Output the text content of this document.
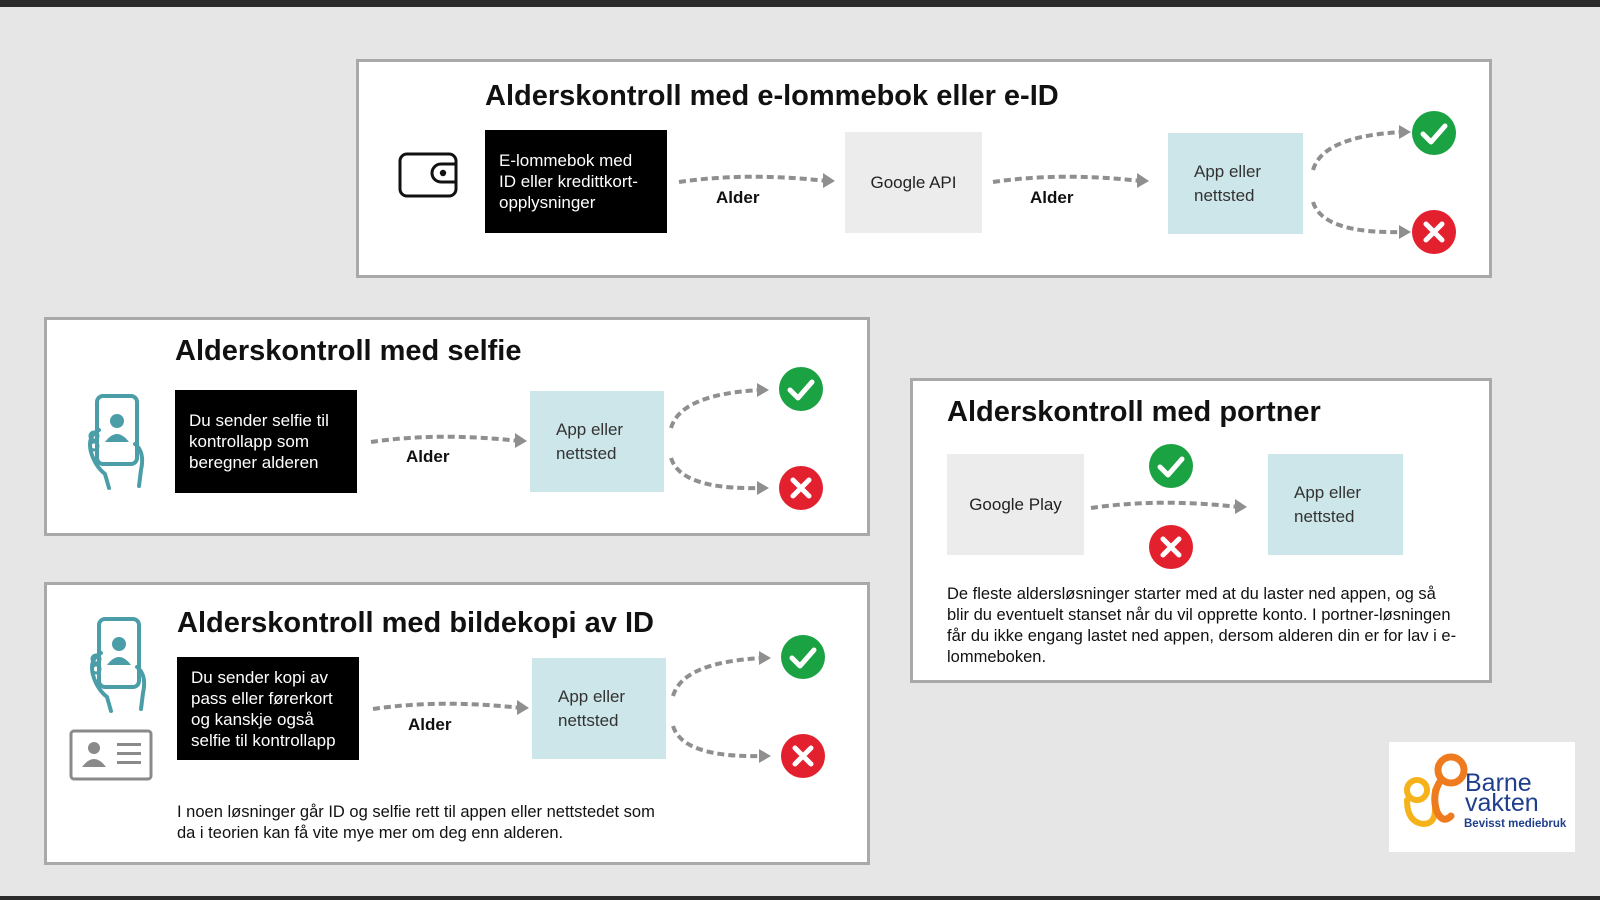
Alderskontroll med e-lommebok eller e-ID
E-lommebok med ID eller kredittkort-opplysninger	Alder
Google API
Alder
App eller nettsted
Alderskontroll med selfie
Du sender selfie til kontrollapp som beregner alderen	Alder
App eller nettsted
Alderskontroll med bildekopi av ID
Du sender kopi av pass eller førerkort og kanskje også selfie til kontrollapp
Alder
App eller nettsted
I noen løsninger går ID og selfie rett til appen eller nettstedet som da i teorien kan få vite mye mer om deg enn alderen.
Alderskontroll med portner
Google Play
App eller nettsted
De fleste aldersløsninger starter med at du laster ned appen, og så blir du eventuelt stanset når du vil opprette konto. I portner-løsningen får du ikke engang lastet ned appen, dersom alderen din er for lav i e-lommeboken.
Barne
vakten
Bevisst mediebruk
